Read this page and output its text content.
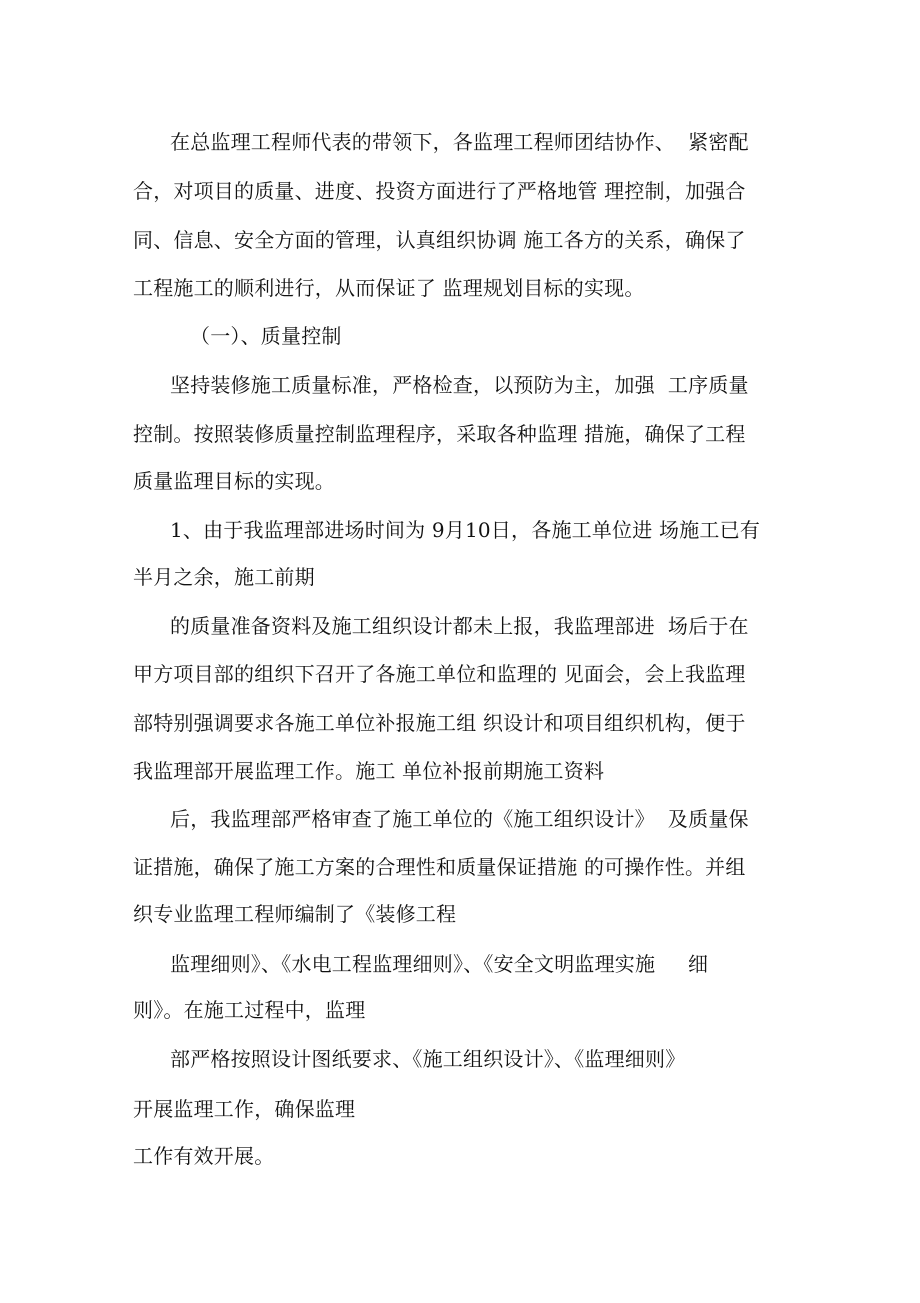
在总监理工程师代表的带领下，各监理工程师团结协作、  紧密配
合，对项目的质量、进度、投资方面进行了严格地管 理控制，加强合
同、信息、安全方面的管理，认真组织协调 施工各方的关系，确保了
工程施工的顺利进行，从而保证了 监理规划目标的实现。
（一）、质量控制
坚持装修施工质量标准，严格检查，以预防为主，加强  工序质量
控制。按照装修质量控制监理程序，采取各种监理 措施，确保了工程
质量监理目标的实现。
1、由于我监理部进场时间为 9月10日，各施工单位进 场施工已有
半月之余，施工前期
的质量准备资料及施工组织设计都未上报，我监理部进  场后于在
甲方项目部的组织下召开了各施工单位和监理的 见面会，会上我监理
部特别强调要求各施工单位补报施工组 织设计和项目组织机构，便于
我监理部开展监理工作。施工 单位补报前期施工资料
后，我监理部严格审查了施工单位的《施工组织设计》  及质量保
证措施，确保了施工方案的合理性和质量保证措施 的可操作性。并组
织专业监理工程师编制了《装修工程
监理细则》、《水电工程监理细则》、《安全文明监理实施     细
则》。在施工过程中，监理
部严格按照设计图纸要求、《施工组织设计》、《监理细则》
开展监理工作，确保监理
工作有效开展。
